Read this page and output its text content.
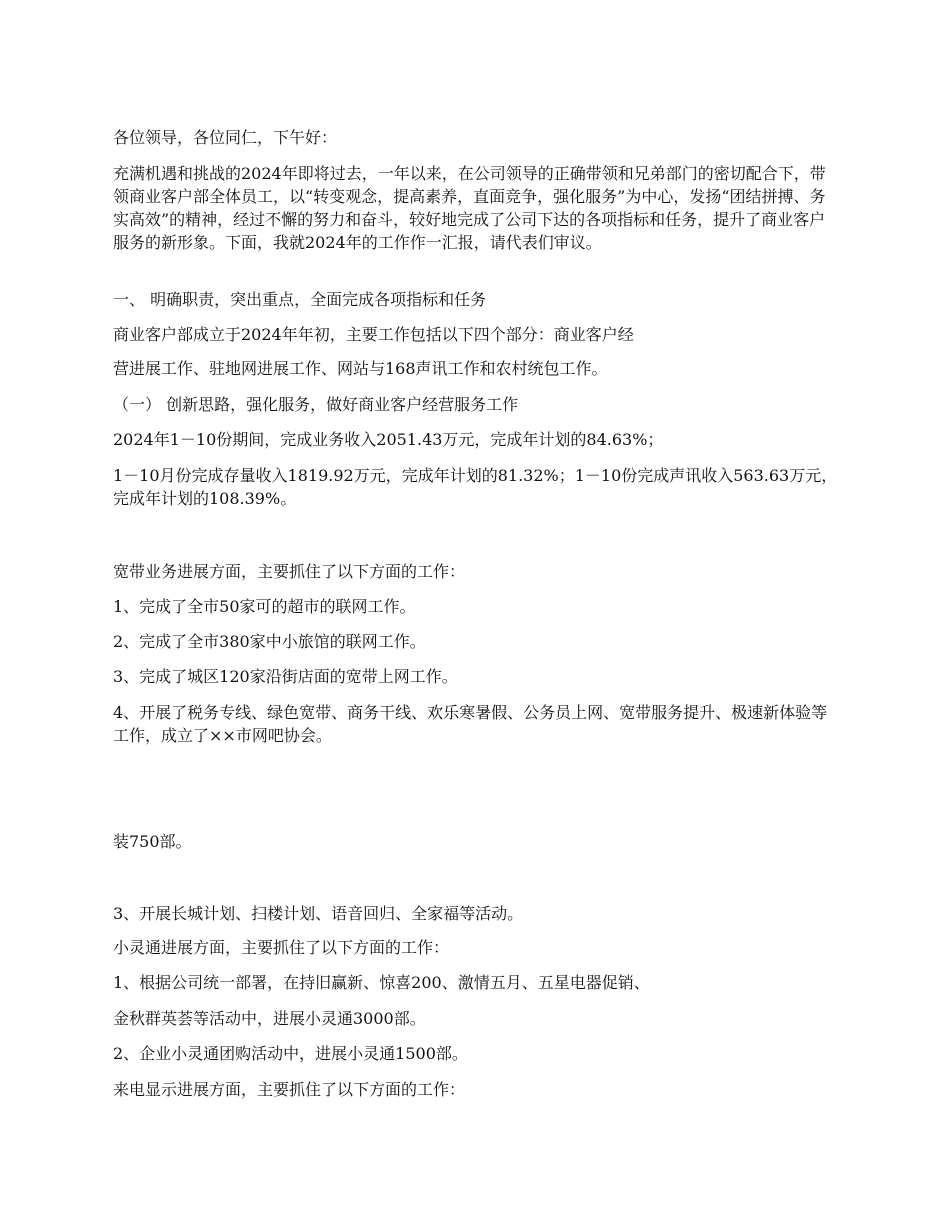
各位领导，各位同仁，下午好：

充满机遇和挑战的2024年即将过去，一年以来，在公司领导的正确带领和兄弟部门的密切配合下，带领商业客户部全体员工，以“转变观念，提高素养，直面竞争，强化服务”为中心，发扬“团结拼搏、务实高效”的精神，经过不懈的努力和奋斗，较好地完成了公司下达的各项指标和任务，提升了商业客户服务的新形象。下面，我就2024年的工作作一汇报，请代表们审议。

一、 明确职责，突出重点，全面完成各项指标和任务

商业客户部成立于2024年年初，主要工作包括以下四个部分：商业客户经

营进展工作、驻地网进展工作、网站与168声讯工作和农村统包工作。

（一） 创新思路，强化服务，做好商业客户经营服务工作

2024年1－10份期间，完成业务收入2051.43万元，完成年计划的84.63%；

1－10月份完成存量收入1819.92万元，完成年计划的81.32%；1－10份完成声讯收入563.63万元，完成年计划的108.39%。

宽带业务进展方面，主要抓住了以下方面的工作：

1、完成了全市50家可的超市的联网工作。

2、完成了全市380家中小旅馆的联网工作。

3、完成了城区120家沿街店面的宽带上网工作。

4、开展了税务专线、绿色宽带、商务干线、欢乐寒暑假、公务员上网、宽带服务提升、极速新体验等工作，成立了××市网吧协会。

装750部。

3、开展长城计划、扫楼计划、语音回归、全家福等活动。

小灵通进展方面，主要抓住了以下方面的工作：

1、根据公司统一部署，在持旧赢新、惊喜200、激情五月、五星电器促销、

金秋群英荟等活动中，进展小灵通3000部。

2、企业小灵通团购活动中，进展小灵通1500部。

来电显示进展方面，主要抓住了以下方面的工作：
